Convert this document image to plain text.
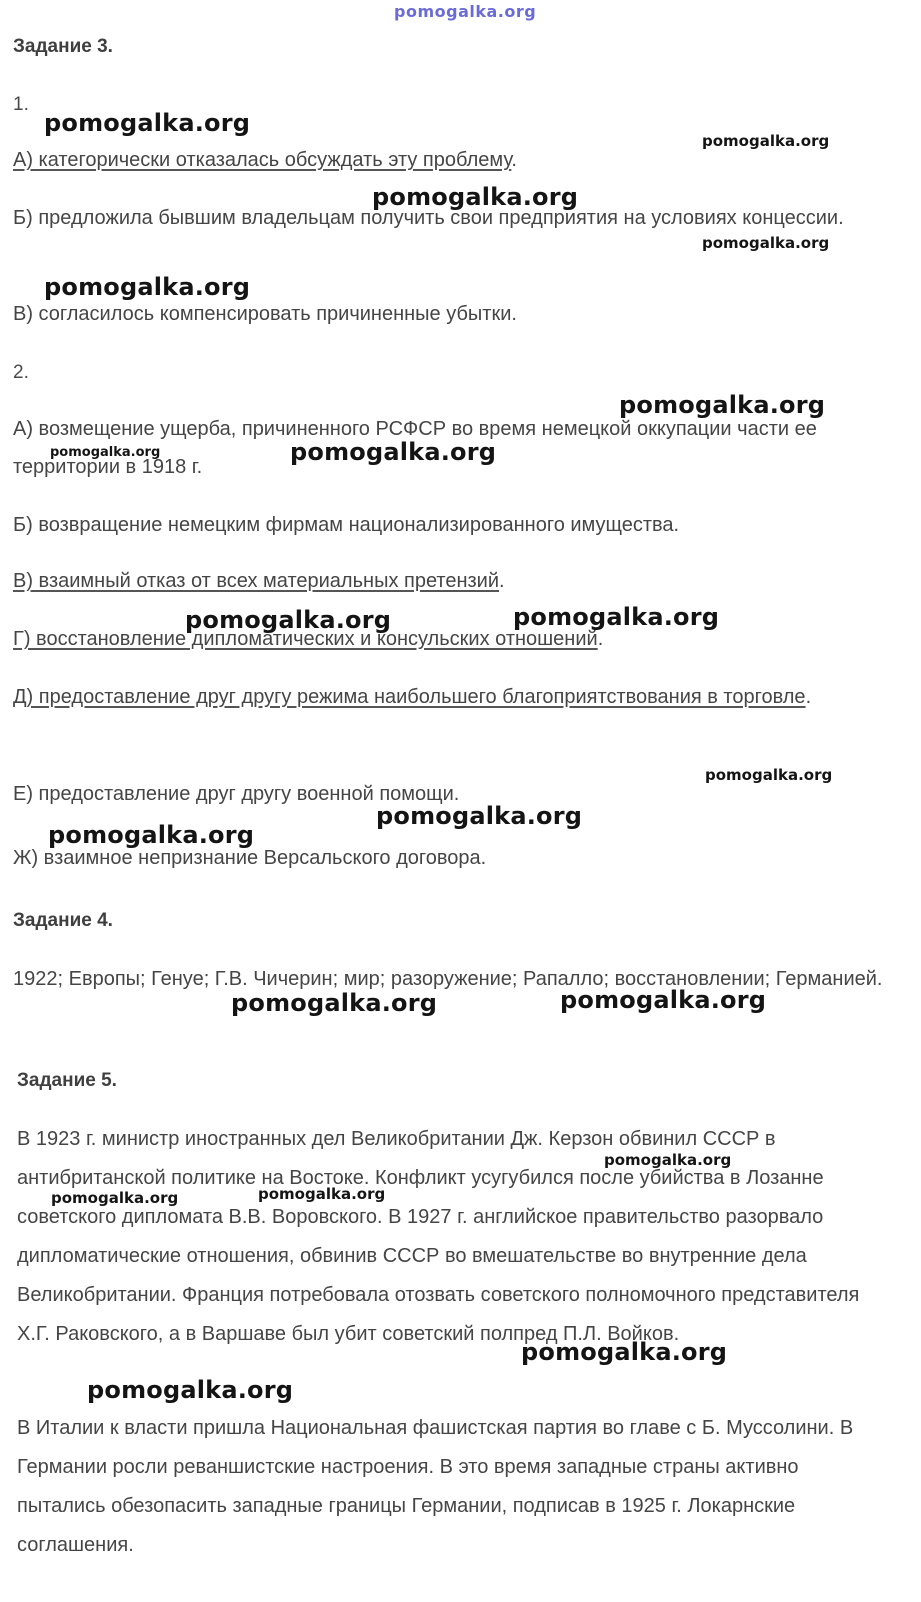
pomogalka.org
Задание 3.
1.
А) категорически отказалась обсуждать эту проблему.
Б) предложила бывшим владельцам получить свои предприятия на условиях концессии.
В) согласилось компенсировать причиненные убытки.
2.
А) возмещение ущерба, причиненного РСФСР во время немецкой оккупации части ее территории в 1918 г.
Б) возвращение немецким фирмам национализированного имущества.
В) взаимный отказ от всех материальных претензий.
Г) восстановление дипломатических и консульских отношений.
Д) предоставление друг другу режима наибольшего благоприятствования в торговле.
Е) предоставление друг другу военной помощи.
Ж) взаимное непризнание Версальского договора.
Задание 4.
1922; Европы; Генуе; Г.В. Чичерин; мир; разоружение; Рапалло; восстановлении; Германией.
Задание 5.
В 1923 г. министр иностранных дел Великобритании Дж. Керзон обвинил СССР в антибританской политике на Востоке. Конфликт усугубился после убийства в Лозанне советского дипломата В.В. Воровского. В 1927 г. английское правительство разорвало дипломатические отношения, обвинив СССР во вмешательстве во внутренние дела Великобритании. Франция потребовала отозвать советского полномочного представителя Х.Г. Раковского, а в Варшаве был убит советский полпред П.Л. Войков.
В Италии к власти пришла Национальная фашистская партия во главе с Б. Муссолини. В Германии росли реваншистские настроения. В это время западные страны активно пытались обезопасить западные границы Германии, подписав в 1925 г. Локарнские соглашения.
pomogalka.org
pomogalka.org
pomogalka.org
pomogalka.org
pomogalka.org
pomogalka.org
pomogalka.org	pomogalka.org
pomogalka.org	pomogalka.org
pomogalka.org
pomogalka.org
pomogalka.org
pomogalka.org	pomogalka.org
pomogalka.org
pomogalka.org
pomogalka.org
pomogalka.org
pomogalka.org
